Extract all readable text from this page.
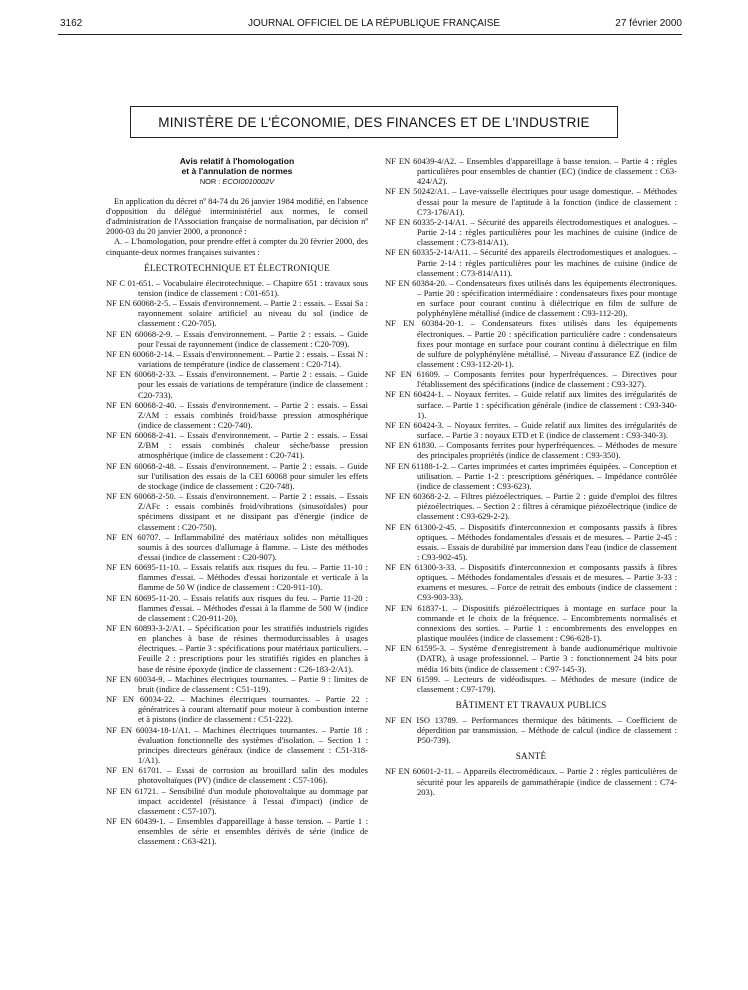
JOURNAL OFFICIEL DE LA RÉPUBLIQUE FRANÇAISE
3162	27 février 2000
MINISTÈRE DE L'ÉCONOMIE, DES FINANCES ET DE L'INDUSTRIE
Avis relatif à l'homologation
et à l'annulation de normes
NOR : ECOI0010002V

En application du décret nº 84-74 du 26 janvier 1984 modifié, en l'absence d'opposition du délégué interministériel aux normes, le conseil d'administration de l'Association française de normalisation, par décision nº 2000-03 du 20 janvier 2000, a prononcé :

A. – L'homologation, pour prendre effet à compter du 20 février 2000, des cinquante-deux normes françaises suivantes :

ÉLECTROTECHNIQUE ET ÉLECTRONIQUE

NF C 01-651. – Vocabulaire électrotechnique. – Chapitre 651 : travaux sous tension (indice de classement : C01-651).

NF EN 60068-2-5. – Essais d'environnement. – Partie 2 : essais. – Essai Sa : rayonnement solaire artificiel au niveau du sol (indice de classement : C20-705).

NF EN 60068-2-9. – Essais d'environnement. – Partie 2 : essais. – Guide pour l'essai de rayonnement (indice de classement : C20-709).

NF EN 60068-2-14. – Essais d'environnement. – Partie 2 : essais. – Essai N : variations de température (indice de classement : C20-714).

NF EN 60068-2-33. – Essais d'environnement. – Partie 2 : essais. – Guide pour les essais de variations de température (indice de classement : C20-733).

NF EN 60068-2-40. – Essais d'environnement. – Partie 2 : essais. – Essai Z/AM : essais combinés froid/basse pression atmosphérique (indice de classement : C20-740).

NF EN 60068-2-41. – Essais d'environnement. – Partie 2 : essais. – Essai Z/BM : essais combinés chaleur sèche/basse pression atmosphérique (indice de classement : C20-741).

NF EN 60068-2-48. – Essais d'environnement. – Partie 2 : essais. – Guide sur l'utilisation des essais de la CEI 60068 pour simuler les effets de stockage (indice de classement : C20-748).

NF EN 60068-2-50. – Essais d'environnement. – Partie 2 : essais. – Essais Z/AFc : essais combinés froid/vibrations (sinusoïdales) pour spécimens dissipant et ne dissipant pas d'énergie (indice de classement : C20-750).

NF EN 60707. – Inflammabilité des matériaux solides non métalliques soumis à des sources d'allumage à flamme. – Liste des méthodes d'essai (indice de classement : C20-907).

NF EN 60695-11-10. – Essais relatifs aux risques du feu. – Partie 11-10 : flammes d'essai. – Méthodes d'essai horizontale et verticale à la flamme de 50 W (indice de classement : C20-911-10).

NF EN 60695-11-20. – Essais relatifs aux risques du feu. – Partie 11-20 : flammes d'essai. – Méthodes d'essai à la flamme de 500 W (indice de classement : C20-911-20).

NF EN 60893-3-2/A1. – Spécification pour les stratifiés industriels rigides en planches à base de résines thermodurcissables à usages électriques. – Partie 3 : spécifications pour matériaux particuliers. – Feuille 2 : prescriptions pour les stratifiés rigides en planches à base de résine époxyde (indice de classement : C26-183-2/A1).

NF EN 60034-9. – Machines électriques tournantes. – Partie 9 : limites de bruit (indice de classement : C51-119).

NF EN 60034-22. – Machines électriques tournantes. – Partie 22 : génératrices à courant alternatif pour moteur à combustion interne et à pistons (indice de classement : C51-222).

NF EN 60034-18-1/A1. – Machines électriques tournantes. – Partie 18 : évaluation fonctionnelle des systèmes d'isolation. – Section 1 : principes directeurs généraux (indice de classement : C51-318-1/A1).

NF EN 61701. – Essai de corrosion au brouillard salin des modules photovoltaïques (PV) (indice de classement : C57-106).

NF EN 61721. – Sensibilité d'un module photovoltaïque au dommage par impact accidentel (résistance à l'essai d'impact) (indice de classement : C57-107).

NF EN 60439-1. – Ensembles d'appareillage à basse tension. – Partie 1 : ensembles de série et ensembles dérivés de série (indice de classement : C63-421).

NF EN 60439-4/A2. – Ensembles d'appareillage à basse tension. – Partie 4 : règles particulières pour ensembles de chantier (EC) (indice de classement : C63-424/A2).

NF EN 50242/A1. – Lave-vaisselle électriques pour usage domestique. – Méthodes d'essai pour la mesure de l'aptitude à la fonction (indice de classement : C73-176/A1).

NF EN 60335-2-14/A1. – Sécurité des appareils électrodomestiques et analogues. – Partie 2-14 : règles particulières pour les machines de cuisine (indice de classement : C73-814/A1).

NF EN 60335-2-14/A11. – Sécurité des appareils électrodomestiques et analogues. – Partie 2-14 : règles particulières pour les machines de cuisine (indice de classement : C73-814/A11).

NF EN 60384-20. – Condensateurs fixes utilisés dans les équipements électroniques. – Partie 20 : spécification intermédiaire : condensateurs fixes pour montage en surface pour courant continu à diélectrique en film de sulfure de polyphénylène métallisé (indice de classement : C93-112-20).

NF EN 60384-20-1. – Condensateurs fixes utilisés dans les équipements électroniques. – Partie 20 : spécification particulière cadre : condensateurs fixes pour montage en surface pour courant continu à diélectrique en film de sulfure de polyphénylène métallisé. – Niveau d'assurance EZ (indice de classement : C93-112-20-1).

NF EN 61609. – Composants ferrites pour hyperfréquences. – Directives pour l'établissement des spécifications (indice de classement : C93-327).

NF EN 60424-1. – Noyaux ferrites. – Guide relatif aux limites des irrégularités de surface. – Partie 1 : spécification générale (indice de classement : C93-340-1).

NF EN 60424-3. – Noyaux ferrites. – Guide relatif aux limites des irrégularités de surface. – Partie 3 : noyaux ETD et E (indice de classement : C93-340-3).

NF EN 61830. – Composants ferrites pour hyperfréquences. – Méthodes de mesure des principales propriétés (indice de classement : C93-350).

NF EN 61188-1-2. – Cartes imprimées et cartes imprimées équipées. – Conception et utilisation. – Partie 1-2 : prescriptions génériques. – Impédance contrôlée (indice de classement : C93-623).

NF EN 60368-2-2. – Filtres piézoélectriques. – Partie 2 : guide d'emploi des filtres piézoélectriques. – Section 2 : filtres à céramique piézoélectrique (indice de classement : C93-629-2-2).

NF EN 61300-2-45. – Dispositifs d'interconnexion et composants passifs à fibres optiques. – Méthodes fondamentales d'essais et de mesures. – Partie 2-45 : essais. – Essais de durabilité par immersion dans l'eau (indice de classement : C93-902-45).

NF EN 61300-3-33. – Dispositifs d'interconnexion et composants passifs à fibres optiques. – Méthodes fondamentales d'essais et de mesures. – Partie 3-33 : examens et mesures. – Force de retrait des embouts (indice de classement : C93-903-33).

NF EN 61837-1. – Dispositifs piézoélectriques à montage en surface pour la commande et le choix de la fréquence. – Encombrements normalisés et connexions des sorties. – Partie 1 : encombrements des enveloppes en plastique moulées (indice de classement : C96-628-1).

NF EN 61595-3. – Système d'enregistrement à bande audionumérique multivoie (DATR), à usage professionnel. – Partie 3 : fonctionnement 24 bits pour média 16 bits (indice de classement : C97-145-3).

NF EN 61599. – Lecteurs de vidéodisques. – Méthodes de mesure (indice de classement : C97-179).

BÂTIMENT ET TRAVAUX PUBLICS

NF EN ISO 13789. – Performances thermique des bâtiments. – Coefficient de déperdition par transmission. – Méthode de calcul (indice de classement : P50-739).

SANTÉ

NF EN 60601-2-11. – Appareils électromédicaux. – Partie 2 : règles particulières de sécurité pour les appareils de gammathérapie (indice de classement : C74-203).
